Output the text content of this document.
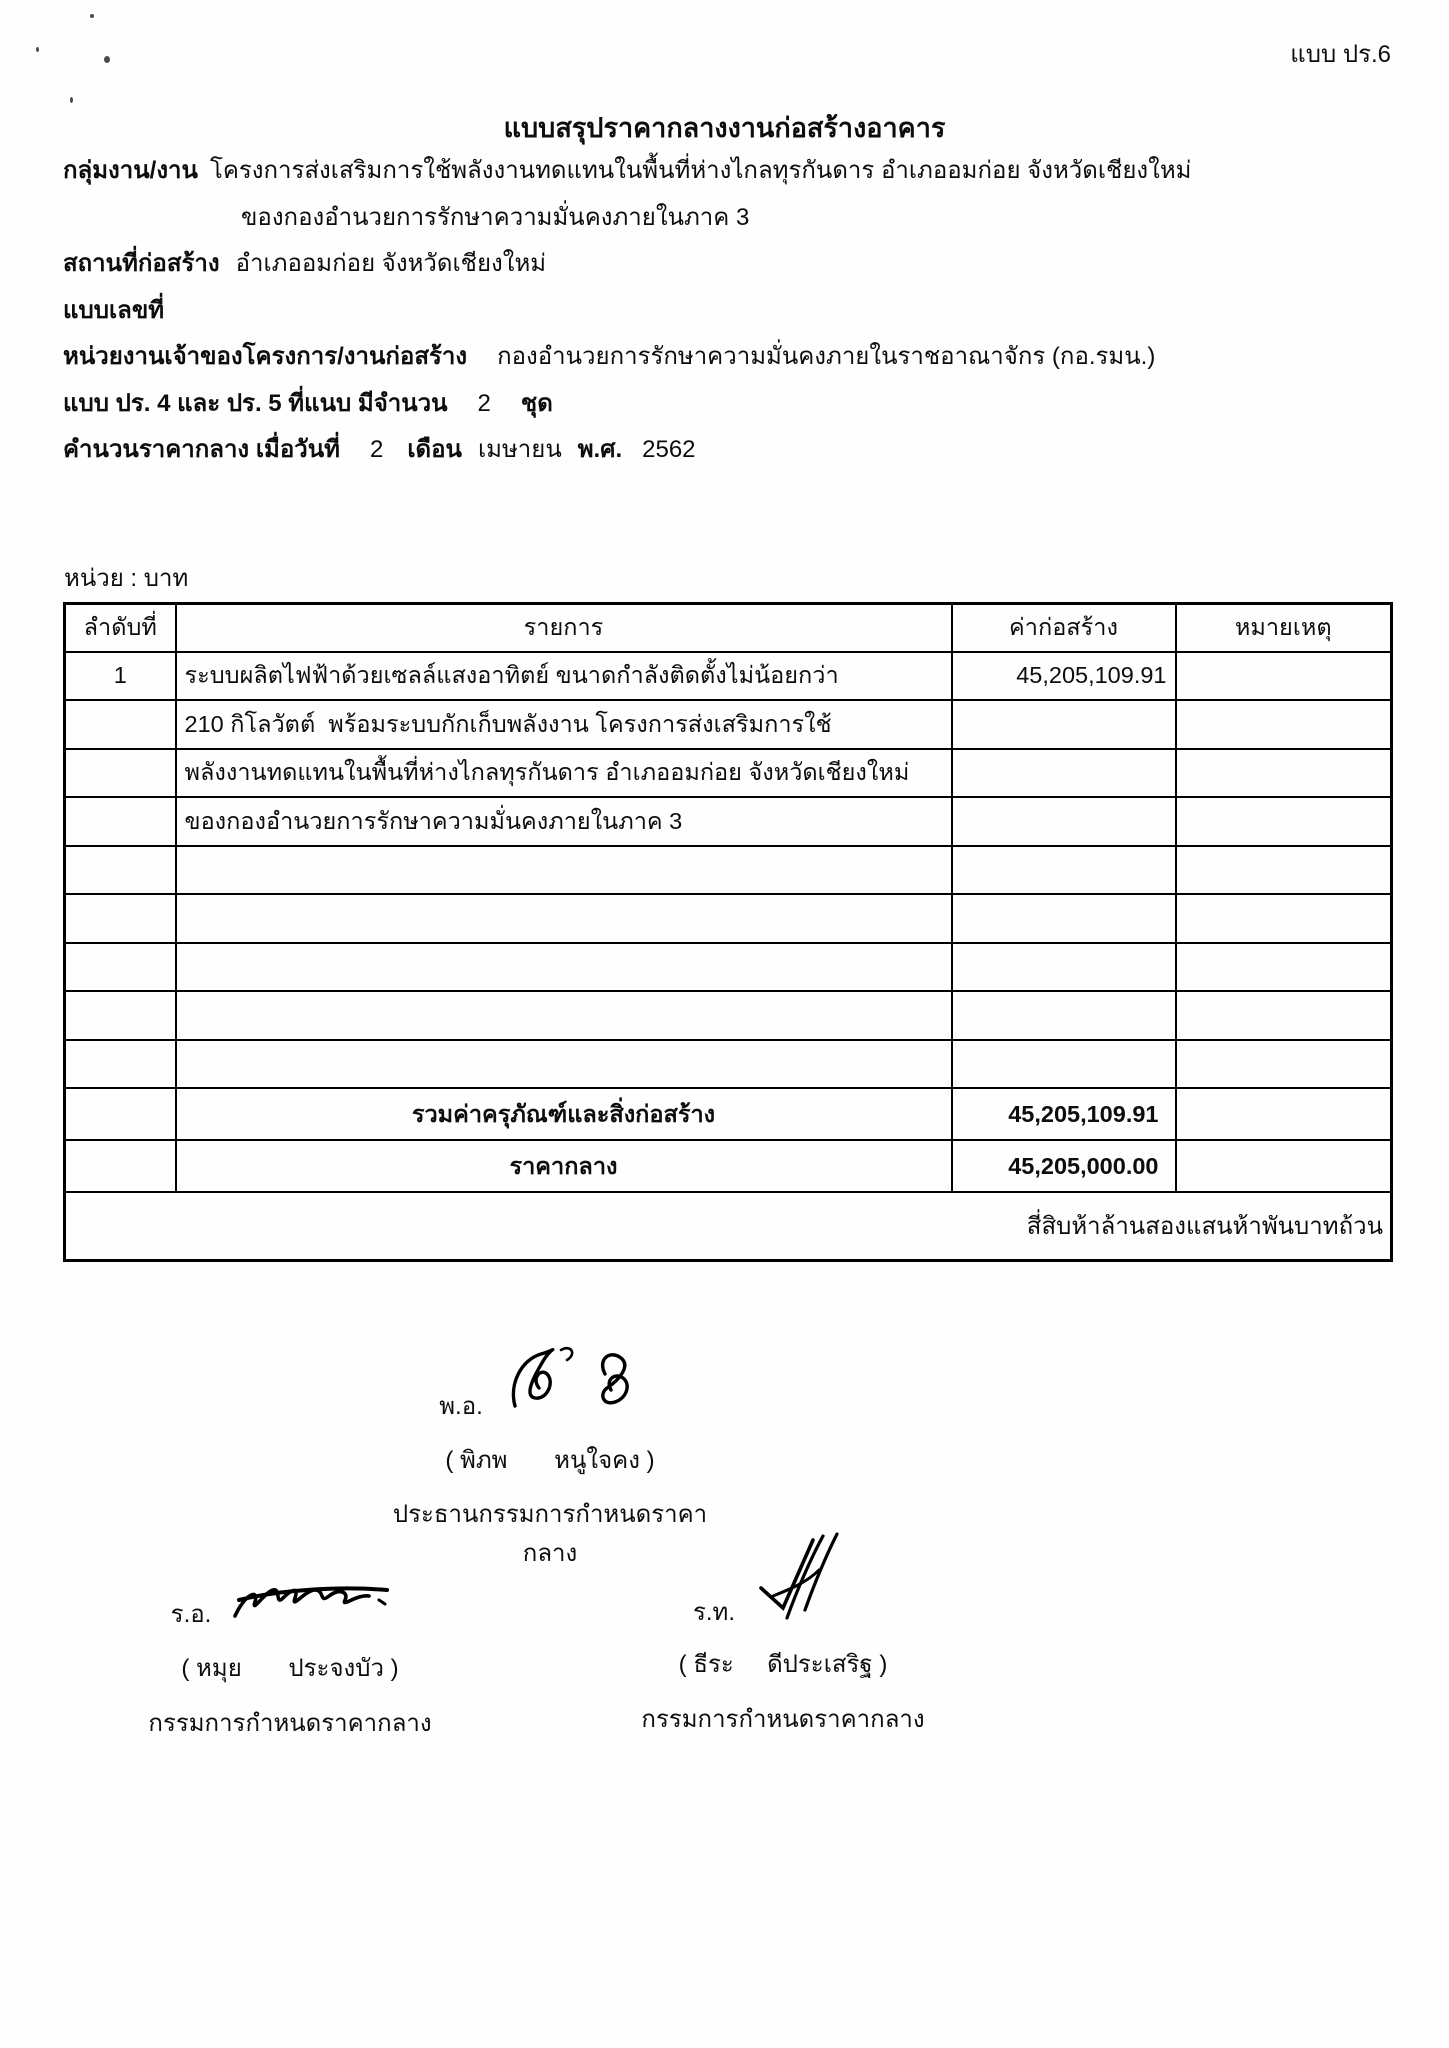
แบบ ปร.6
แบบสรุปราคากลางงานก่อสร้างอาคาร
กลุ่มงาน/งาน โครงการส่งเสริมการใช้พลังงานทดแทนในพื้นที่ห่างไกลทุรกันดาร อำเภออมก่อย จังหวัดเชียงใหม่
ของกองอำนวยการรักษาความมั่นคงภายในภาค 3
สถานที่ก่อสร้าง อำเภออมก่อย จังหวัดเชียงใหม่
แบบเลขที่
หน่วยงานเจ้าของโครงการ/งานก่อสร้าง กองอำนวยการรักษาความมั่นคงภายในราชอาณาจักร (กอ.รมน.)
แบบ ปร. 4 และ ปร. 5 ที่แนบ มีจำนวน 2 ชุด
คำนวนราคากลาง เมื่อวันที่ 2 เดือน เมษายน พ.ศ. 2562
หน่วย : บาท
ลำดับที่	รายการ	ค่าก่อสร้าง	หมายเหตุ
1	ระบบผลิตไฟฟ้าด้วยเซลล์แสงอาทิตย์ ขนาดกำลังติดตั้งไม่น้อยกว่า	45,205,109.91	
	210 กิโลวัตต์  พร้อมระบบกักเก็บพลังงาน โครงการส่งเสริมการใช้		
	พลังงานทดแทนในพื้นที่ห่างไกลทุรกันดาร อำเภออมก่อย จังหวัดเชียงใหม่		
	ของกองอำนวยการรักษาความมั่นคงภายในภาค 3		

	รวมค่าครุภัณฑ์และสิ่งก่อสร้าง	45,205,109.91	
	ราคากลาง	45,205,000.00	
สี่สิบห้าล้านสองแสนห้าพันบาทถ้วน			
พ.อ.
( พิภพ       หนูใจคง )
ประธานกรรมการกำหนดราคากลาง
ร.อ.
( หมุย       ประจงบัว )
กรรมการกำหนดราคากลาง
ร.ท.
( ธีระ     ดีประเสริฐ )
กรรมการกำหนดราคากลาง
